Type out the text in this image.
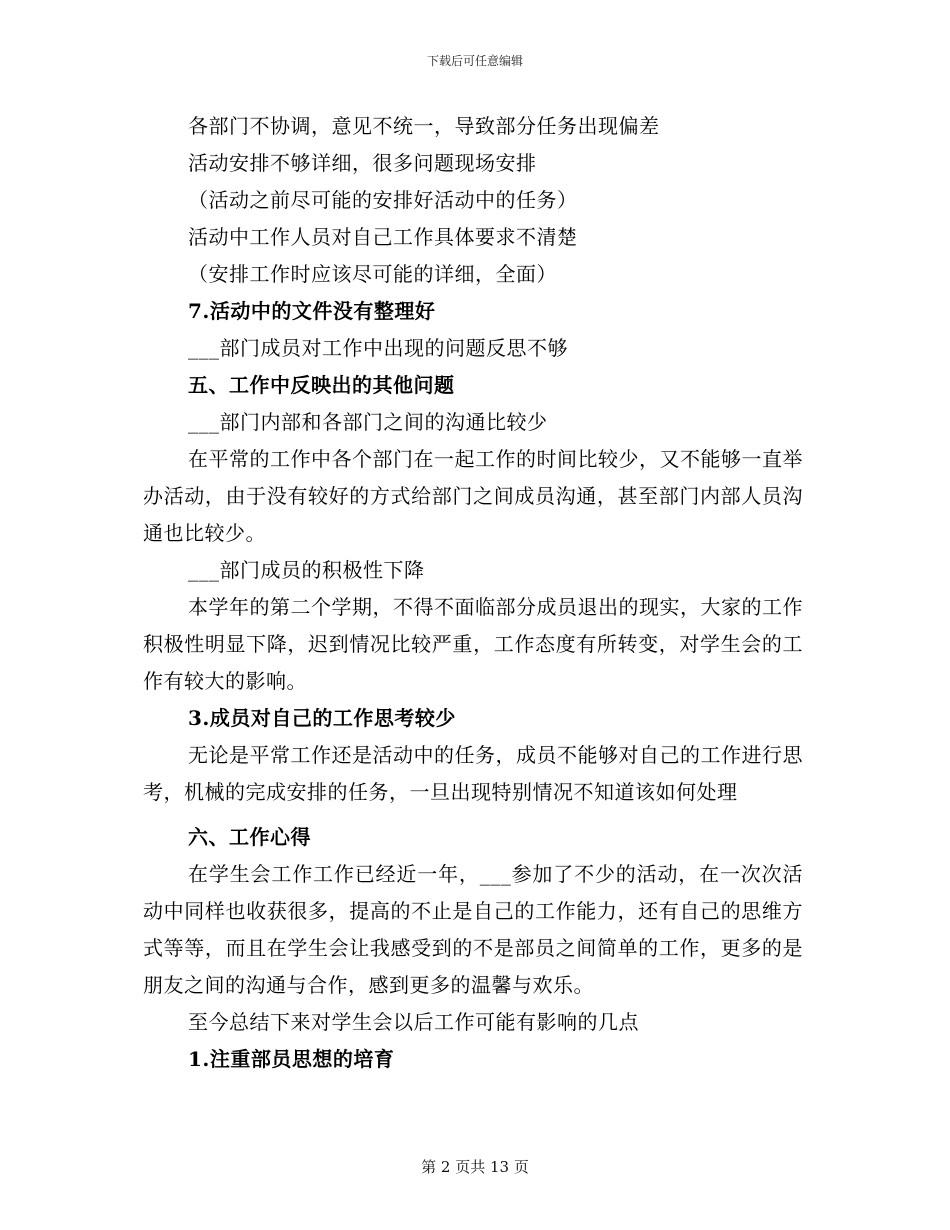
下载后可任意编辑
各部门不协调，意见不统一，导致部分任务出现偏差
活动安排不够详细，很多问题现场安排
（活动之前尽可能的安排好活动中的任务）
活动中工作人员对自己工作具体要求不清楚
（安排工作时应该尽可能的详细，全面）
7.活动中的文件没有整理好
___部门成员对工作中出现的问题反思不够
五、工作中反映出的其他问题
___部门内部和各部门之间的沟通比较少

在平常的工作中各个部门在一起工作的时间比较少，又不能够一直举办活动，由于没有较好的方式给部门之间成员沟通，甚至部门内部人员沟通也比较少。

___部门成员的积极性下降

本学年的第二个学期，不得不面临部分成员退出的现实，大家的工作积极性明显下降，迟到情况比较严重，工作态度有所转变，对学生会的工作有较大的影响。

3.成员对自己的工作思考较少

无论是平常工作还是活动中的任务，成员不能够对自己的工作进行思考，机械的完成安排的任务，一旦出现特别情况不知道该如何处理

六、工作心得

在学生会工作工作已经近一年，___参加了不少的活动，在一次次活动中同样也收获很多，提高的不止是自己的工作能力，还有自己的思维方式等等，而且在学生会让我感受到的不是部员之间简单的工作，更多的是朋友之间的沟通与合作，感到更多的温馨与欢乐。

至今总结下来对学生会以后工作可能有影响的几点
1.注重部员思想的培育
第 2 页共 13 页
